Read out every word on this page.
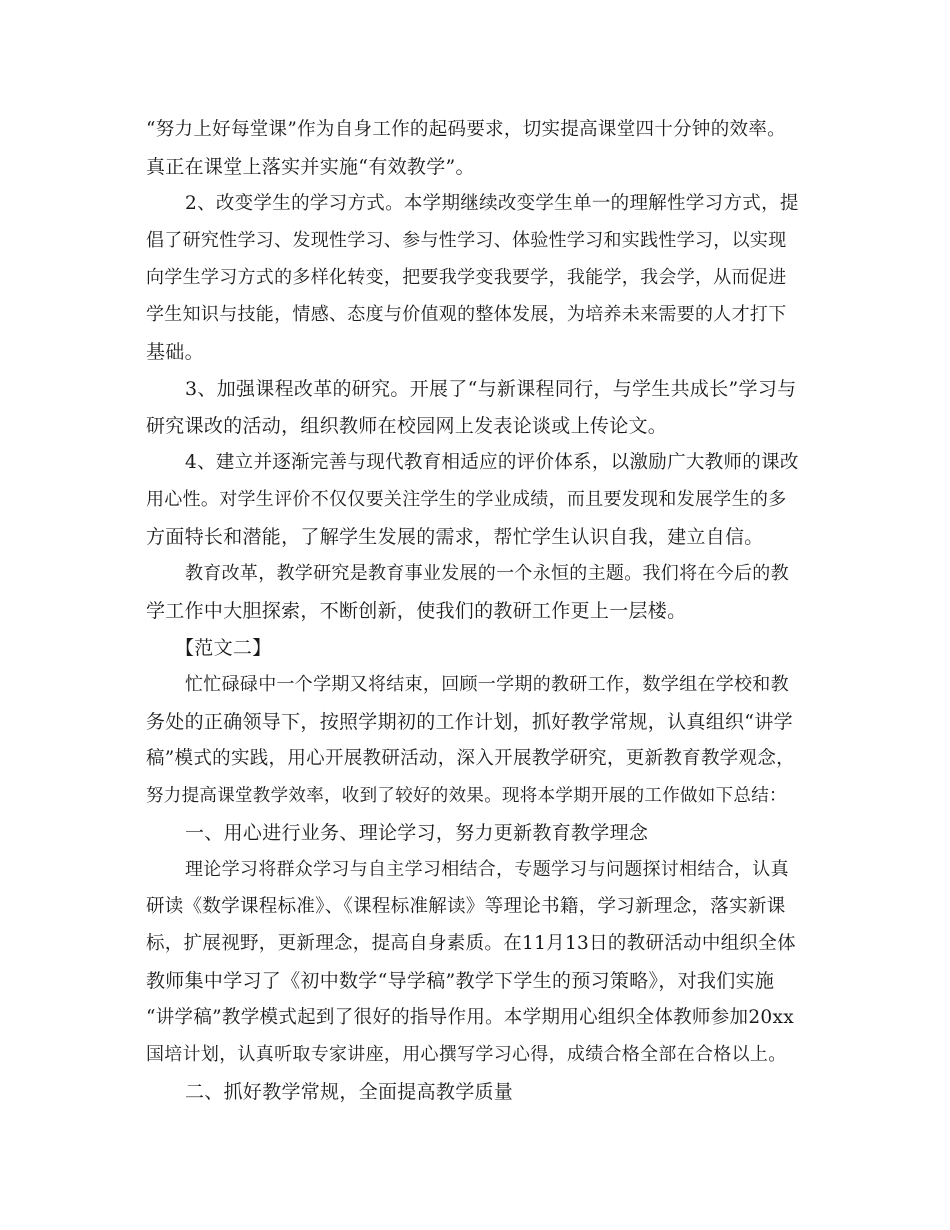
“努力上好每堂课”作为自身工作的起码要求，切实提高课堂四十分钟的效率。
真正在课堂上落实并实施“有效教学”。
2、改变学生的学习方式。本学期继续改变学生单一的理解性学习方式，提
倡了研究性学习、发现性学习、参与性学习、体验性学习和实践性学习，以实现
向学生学习方式的多样化转变，把要我学变我要学，我能学，我会学，从而促进
学生知识与技能，情感、态度与价值观的整体发展，为培养未来需要的人才打下
基础。
3、加强课程改革的研究。开展了“与新课程同行，与学生共成长”学习与
研究课改的活动，组织教师在校园网上发表论谈或上传论文。
4、建立并逐渐完善与现代教育相适应的评价体系，以激励广大教师的课改
用心性。对学生评价不仅仅要关注学生的学业成绩，而且要发现和发展学生的多
方面特长和潜能，了解学生发展的需求，帮忙学生认识自我，建立自信。
教育改革，教学研究是教育事业发展的一个永恒的主题。我们将在今后的教
学工作中大胆探索，不断创新，使我们的教研工作更上一层楼。
【范文二】
忙忙碌碌中一个学期又将结束，回顾一学期的教研工作，数学组在学校和教
务处的正确领导下，按照学期初的工作计划，抓好教学常规，认真组织“讲学
稿”模式的实践，用心开展教研活动，深入开展教学研究，更新教育教学观念，
努力提高课堂教学效率，收到了较好的效果。现将本学期开展的工作做如下总结：
一、用心进行业务、理论学习，努力更新教育教学理念
理论学习将群众学习与自主学习相结合，专题学习与问题探讨相结合，认真
研读《数学课程标准》、《课程标准解读》等理论书籍，学习新理念，落实新课
标，扩展视野，更新理念，提高自身素质。在11月13日的教研活动中组织全体
教师集中学习了《初中数学“导学稿”教学下学生的预习策略》，对我们实施
“讲学稿”教学模式起到了很好的指导作用。本学期用心组织全体教师参加20xx
国培计划，认真听取专家讲座，用心撰写学习心得，成绩合格全部在合格以上。
二、抓好教学常规，全面提高教学质量
